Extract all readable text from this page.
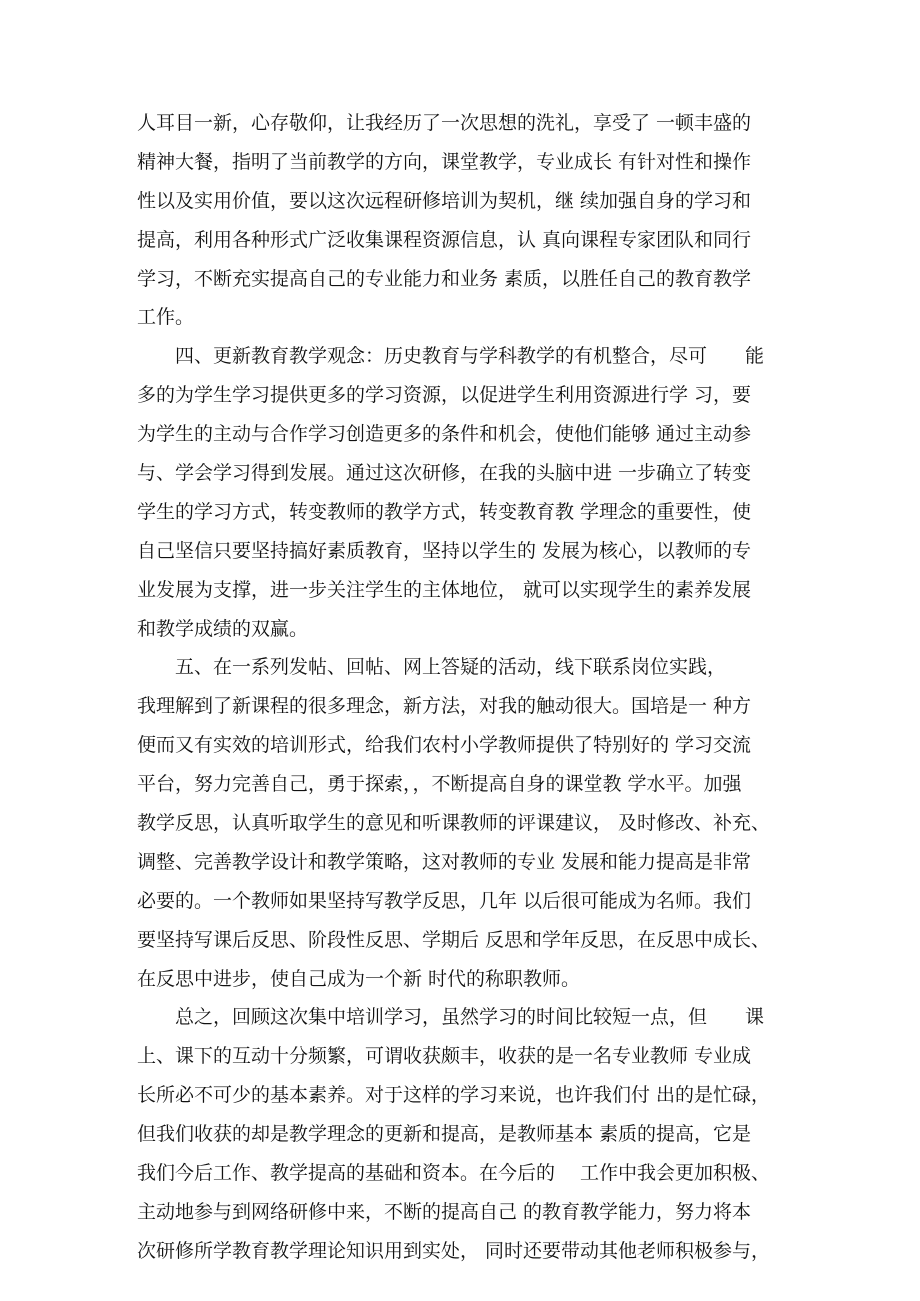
人耳目一新，心存敬仰，让我经历了一次思想的洗礼，享受了 一顿丰盛的
精神大餐，指明了当前教学的方向，课堂教学，专业成长 有针对性和操作
性以及实用价值，要以这次远程研修培训为契机，继 续加强自身的学习和
提高，利用各种形式广泛收集课程资源信息，认 真向课程专家团队和同行
学习，不断充实提高自己的专业能力和业务 素质，以胜任自己的教育教学
工作。
四、更新教育教学观念：历史教育与学科教学的有机整合，尽可　　能
多的为学生学习提供更多的学习资源，以促进学生利用资源进行学 习，要
为学生的主动与合作学习创造更多的条件和机会，使他们能够 通过主动参
与、学会学习得到发展。通过这次研修，在我的头脑中进 一步确立了转变
学生的学习方式，转变教师的教学方式，转变教育教 学理念的重要性，使
自己坚信只要坚持搞好素质教育，坚持以学生的 发展为核心，以教师的专
业发展为支撑，进一步关注学生的主体地位， 就可以实现学生的素养发展
和教学成绩的双赢。
五、在一系列发帖、回帖、网上答疑的活动，线下联系岗位实践，
我理解到了新课程的很多理念，新方法，对我的触动很大。国培是一 种方
便而又有实效的培训形式，给我们农村小学教师提供了特别好的 学习交流
平台，努力完善自己，勇于探索，，不断提高自身的课堂教 学水平。加强
教学反思，认真听取学生的意见和听课教师的评课建议， 及时修改、补充、
调整、完善教学设计和教学策略，这对教师的专业 发展和能力提高是非常
必要的。一个教师如果坚持写教学反思，几年 以后很可能成为名师。我们
要坚持写课后反思、阶段性反思、学期后 反思和学年反思，在反思中成长、
在反思中进步，使自己成为一个新 时代的称职教师。
总之，回顾这次集中培训学习，虽然学习的时间比较短一点，但　　课
上、课下的互动十分频繁，可谓收获颇丰，收获的是一名专业教师 专业成
长所必不可少的基本素养。对于这样的学习来说，也许我们付 出的是忙碌，
但我们收获的却是教学理念的更新和提高，是教师基本 素质的提高，它是
我们今后工作、教学提高的基础和资本。在今后的　 工作中我会更加积极、
主动地参与到网络研修中来，不断的提高自己 的教育教学能力，努力将本
次研修所学教育教学理论知识用到实处， 同时还要带动其他老师积极参与，
